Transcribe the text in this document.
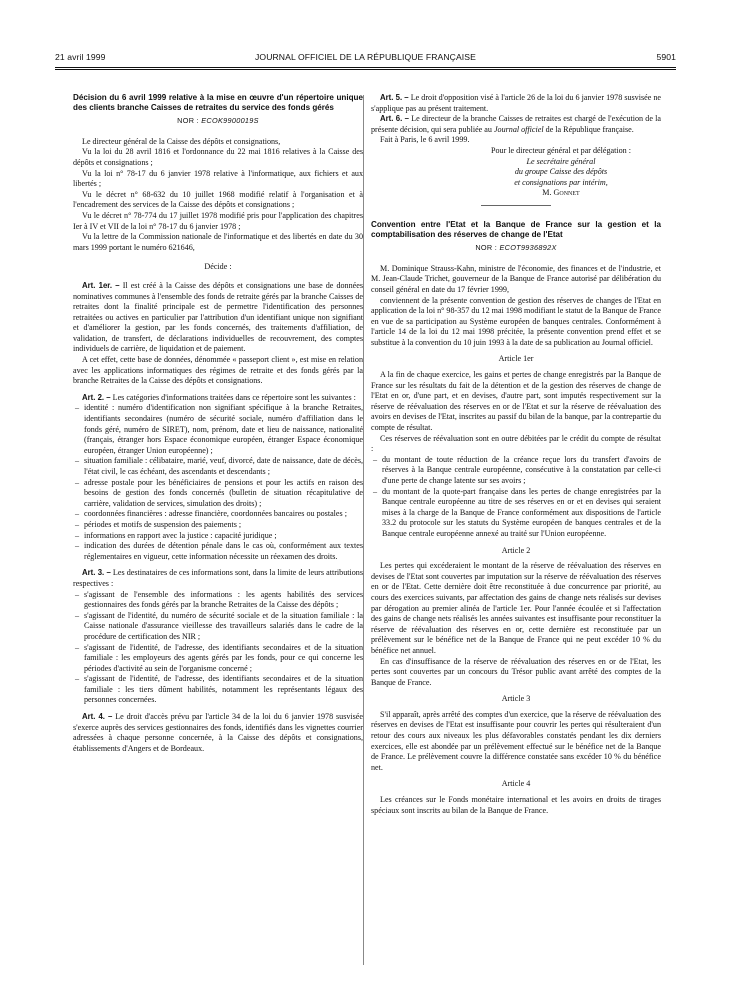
21 avril 1999	JOURNAL OFFICIEL DE LA RÉPUBLIQUE FRANÇAISE	5901

Décision du 6 avril 1999 relative à la mise en œuvre d'un répertoire unique des clients branche Caisses de retraites du service des fonds gérés

NOR : ECOK9900019S

Le directeur général de la Caisse des dépôts et consignations,

Vu la loi du 28 avril 1816 et l'ordonnance du 22 mai 1816 relatives à la Caisse des dépôts et consignations ;

Vu la loi n° 78-17 du 6 janvier 1978 relative à l'informatique, aux fichiers et aux libertés ;

Vu le décret n° 68-632 du 10 juillet 1968 modifié relatif à l'organisation et à l'encadrement des services de la Caisse des dépôts et consignations ;

Vu le décret n° 78-774 du 17 juillet 1978 modifié pris pour l'application des chapitres Ier à IV et VII de la loi n° 78-17 du 6 janvier 1978 ;

Vu la lettre de la Commission nationale de l'informatique et des libertés en date du 30 mars 1999 portant le numéro 621646,

Décide :

Art. 1er. – Il est créé à la Caisse des dépôts et consignations une base de données nominatives communes à l'ensemble des fonds de retraite gérés par la branche Caisses de retraites dont la finalité principale est de permettre l'identification des personnes retraitées ou actives en particulier par l'attribution d'un identifiant unique non signifiant et d'améliorer la gestion, par les fonds concernés, des traitements d'affiliation, de validation, de transfert, de déclarations individuelles de recouvrement, des comptes individuels de carrière, de liquidation et de paiement.

A cet effet, cette base de données, dénommée « passeport client », est mise en relation avec les applications informatiques des régimes de retraite et des fonds gérés par la branche Retraites de la Caisse des dépôts et consignations.

Art. 2. – Les catégories d'informations traitées dans ce répertoire sont les suivantes :

– identité : numéro d'identification non signifiant spécifique à la branche Retraites, identifiants secondaires (numéro de sécurité sociale, numéro d'affiliation dans le fonds géré, numéro de SIRET), nom, prénom, date et lieu de naissance, nationalité (français, étranger hors Espace économique européen, étranger Espace économique européen, étranger Union européenne) ;
– situation familiale : célibataire, marié, veuf, divorcé, date de naissance, date de décès, l'état civil, le cas échéant, des ascendants et descendants ;
– adresse postale pour les bénéficiaires de pensions et pour les actifs en raison des besoins de gestion des fonds concernés (bulletin de situation récapitulative de carrière, validation de services, simulation des droits) ;
– coordonnées financières : adresse financière, coordonnées bancaires ou postales ;
– périodes et motifs de suspension des paiements ;
– informations en rapport avec la justice : capacité juridique ;
– indication des durées de détention pénale dans le cas où, conformément aux textes réglementaires en vigueur, cette information nécessite un réexamen des droits.

Art. 3. – Les destinataires de ces informations sont, dans la limite de leurs attributions respectives :

– s'agissant de l'ensemble des informations : les agents habilités des services gestionnaires des fonds gérés par la branche Retraites de la Caisse des dépôts ;
– s'agissant de l'identité, du numéro de sécurité sociale et de la situation familiale : la Caisse nationale d'assurance vieillesse des travailleurs salariés dans le cadre de la procédure de certification des NIR ;
– s'agissant de l'identité, de l'adresse, des identifiants secondaires et de la situation familiale : les employeurs des agents gérés par les fonds, pour ce qui concerne les périodes d'activité au sein de l'organisme concerné ;
– s'agissant de l'identité, de l'adresse, des identifiants secondaires et de la situation familiale : les tiers dûment habilités, notamment les représentants légaux des personnes concernées.

Art. 4. – Le droit d'accès prévu par l'article 34 de la loi du 6 janvier 1978 susvisée s'exerce auprès des services gestionnaires des fonds, identifiés dans les vignettes courrier adressées à chaque personne concernée, à la Caisse des dépôts et consignations, établissements d'Angers et de Bordeaux.

Art. 5. – Le droit d'opposition visé à l'article 26 de la loi du 6 janvier 1978 susvisée ne s'applique pas au présent traitement.

Art. 6. – Le directeur de la branche Caisses de retraites est chargé de l'exécution de la présente décision, qui sera publiée au Journal officiel de la République française.

Fait à Paris, le 6 avril 1999.

Pour le directeur général et par délégation :
Le secrétaire général
du groupe Caisse des dépôts
et consignations par intérim,
M. Gonnet

Convention entre l'Etat et la Banque de France sur la gestion et la comptabilisation des réserves de change de l'Etat

NOR : ECOT9936892X

M. Dominique Strauss-Kahn, ministre de l'économie, des finances et de l'industrie, et M. Jean-Claude Trichet, gouverneur de la Banque de France autorisé par délibération du conseil général en date du 17 février 1999,

conviennent de la présente convention de gestion des réserves de changes de l'Etat en application de la loi n° 98-357 du 12 mai 1998 modifiant le statut de la Banque de France en vue de sa participation au Système européen de banques centrales. Conformément à l'article 14 de la loi du 12 mai 1998 précitée, la présente convention prend effet et se substitue à la convention du 10 juin 1993 à la date de sa publication au Journal officiel.

Article 1er

A la fin de chaque exercice, les gains et pertes de change enregistrés par la Banque de France sur les résultats du fait de la détention et de la gestion des réserves de change de l'Etat en or, d'une part, et en devises, d'autre part, sont imputés respectivement sur la réserve de réévaluation des réserves en or de l'Etat et sur la réserve de réévaluation des avoirs en devises de l'Etat, inscrites au passif du bilan de la banque, par la contrepartie du compte de résultat.

Ces réserves de réévaluation sont en outre débitées par le crédit du compte de résultat :

– du montant de toute réduction de la créance reçue lors du transfert d'avoirs de réserves à la Banque centrale européenne, consécutive à la constatation par celle-ci d'une perte de change latente sur ses avoirs ;
– du montant de la quote-part française dans les pertes de change enregistrées par la Banque centrale européenne au titre de ses réserves en or et en devises qui seraient mises à la charge de la Banque de France conformément aux dispositions de l'article 33.2 du protocole sur les statuts du Système européen de banques centrales et de la Banque centrale européenne annexé au traité sur l'Union européenne.

Article 2

Les pertes qui excéderaient le montant de la réserve de réévaluation des réserves en devises de l'Etat sont couvertes par imputation sur la réserve de réévaluation des réserves en or de l'Etat. Cette dernière doit être reconstituée à due concurrence par priorité, au cours des exercices suivants, par affectation des gains de change nets réalisés sur devises par dérogation au premier alinéa de l'article 1er. Pour l'année écoulée et si l'affectation des gains de change nets réalisés les années suivantes est insuffisante pour reconstituer la réserve de réévaluation des réserves en or, cette dernière est reconstituée par un prélèvement sur le bénéfice net de la Banque de France qui ne peut excéder 10 % du bénéfice net annuel.

En cas d'insuffisance de la réserve de réévaluation des réserves en or de l'Etat, les pertes sont couvertes par un concours du Trésor public avant arrêté des comptes de la Banque de France.

Article 3

S'il apparaît, après arrêté des comptes d'un exercice, que la réserve de réévaluation des réserves en devises de l'Etat est insuffisante pour couvrir les pertes qui résulteraient d'un retour des cours aux niveaux les plus défavorables constatés pendant les dix derniers exercices, elle est abondée par un prélèvement effectué sur le bénéfice net de la Banque de France. Le prélèvement couvre la différence constatée sans excéder 10 % du bénéfice net.

Article 4

Les créances sur le Fonds monétaire international et les avoirs en droits de tirages spéciaux sont inscrits au bilan de la Banque de France.
